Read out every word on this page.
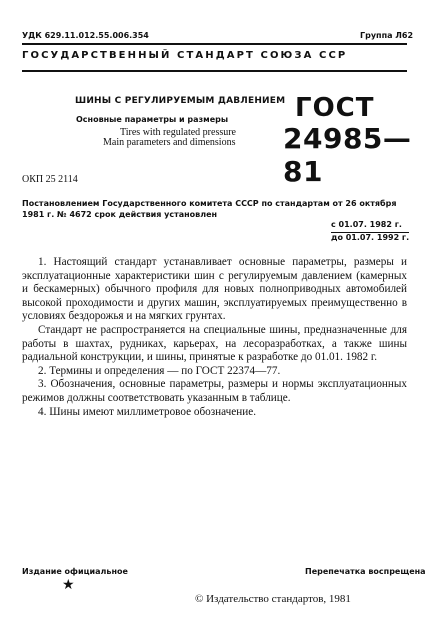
УДК 629.11.012.55.006.354	Группа Л62
ГОСУДАРСТВЕННЫЙ СТАНДАРТ СОЮЗА ССР
ШИНЫ С РЕГУЛИРУЕМЫМ ДАВЛЕНИЕМ
Основные параметры и размеры
Tires with regulated pressure
Main parameters and dimensions
ГОСТ
24985—81
ОКП 25 2114
Постановлением Государственного комитета СССР по стандартам от 26 октября 1981 г. № 4672 срок действия установлен
с 01.07. 1982 г.
до 01.07. 1992 г.

1. Настоящий стандарт устанавливает основные параметры, размеры и эксплуатационные характеристики шин с регулируемым давлением (камерных и бескамерных) обычного профиля для новых полноприводных автомобилей высокой проходимости и других машин, эксплуатируемых преимущественно в условиях бездорожья и на мягких грунтах.

Стандарт не распространяется на специальные шины, предназначенные для работы в шахтах, рудниках, карьерах, на лесоразработках, а также шины радиальной конструкции, и шины, принятые к разработке до 01.01. 1982 г.

2. Термины и определения — по ГОСТ 22374—77.

3. Обозначения, основные параметры, размеры и нормы эксплуатационных режимов должны соответствовать указанным в таблице.

4. Шины имеют миллиметровое обозначение.

Издание официальное
★
Перепечатка воспрещена
© Издательство стандартов, 1981
